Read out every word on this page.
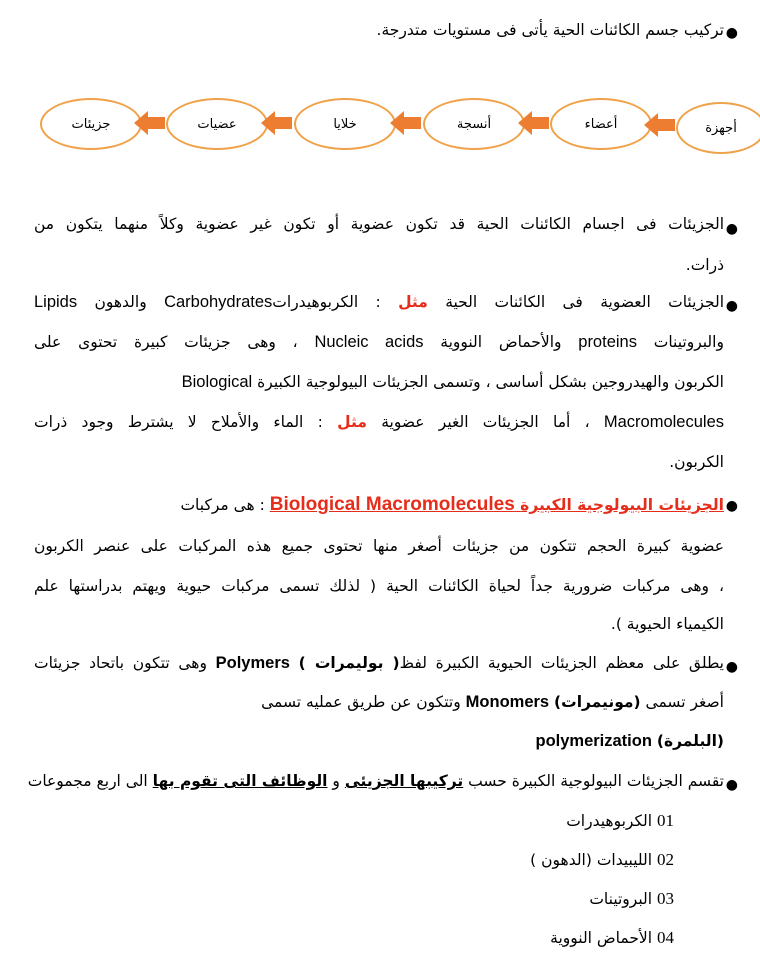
●
تركيب جسم الكائنات الحية يأتى فى مستويات متدرجة.
جزيئات	عضيات	خلايا	أنسجة	أعضاء	أجهزة
●
الجزيئات فى اجسام الكائنات الحية قد تكون عضوية أو تكون غير عضوية وكلاً منهما يتكون من
ذرات.
●
الجزيئات العضوية فى الكائنات الحية مثل : الكربوهيدراتCarbohydrates والدهون Lipids
والبروتينات proteins والأحماض النووية Nucleic acids ، وهى جزيئات كبيرة تحتوى على
الكربون والهيدروجين بشكل أساسى ، وتسمى الجزيئات البيولوجية الكبيرة Biological
Macromolecules ، أما الجزيئات الغير عضوية مثل : الماء والأملاح لا يشترط وجود ذرات
الكربون.
●
الجزيئات البيولوجية الكبيرة Biological Macromolecules : هى مركبات
عضوية كبيرة الحجم تتكون من جزيئات أصغر منها تحتوى جميع هذه المركبات على عنصر الكربون
، وهى مركبات ضرورية جداً لحياة الكائنات الحية ( لذلك تسمى مركبات حيوية ويهتم بدراستها علم
الكيمياء الحيوية ).
●
يطلق على معظم الجزيئات الحيوية الكبيرة لفظ( بوليمرات ) Polymers وهى تتكون باتحاد جزيئات
أصغر تسمى (مونيمرات) Monomers وتتكون عن طريق عمليه تسمى
(البلمرة) polymerization
●
تقسم الجزيئات البيولوجية الكبيرة حسب تركيبها الجزيئى و الوظائف التى تقوم بها الى اربع مجموعات
01 الكربوهيدرات
02 الليبيدات (الدهون )
03 البروتينات
04 الأحماض النووية
